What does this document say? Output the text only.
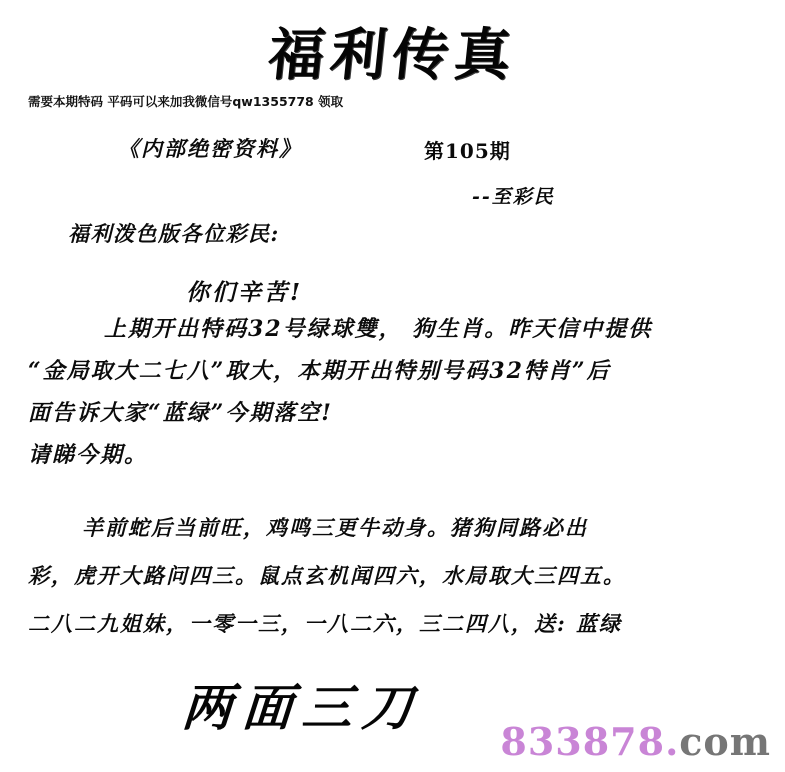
福利传真
需要本期特码 平码可以来加我微信号qw1355778 领取
《内部绝密资料》	第105期
--至彩民
福利泼色版各位彩民:
你们辛苦!
上期开出特码32号绿球雙， 狗生肖。昨天信中提供
“金局取大二七八”取大，本期开出特别号码32特肖”后
面告诉大家“蓝绿”今期落空!
请睇今期。
羊前蛇后当前旺，鸡鸣三更牛动身。猪狗同路必出
彩，虎开大路问四三。鼠点玄机闻四六，水局取大三四五。
二八二九姐妹，一零一三，一八二六，三二四八，送: 蓝绿
两面三刀
833878.com
